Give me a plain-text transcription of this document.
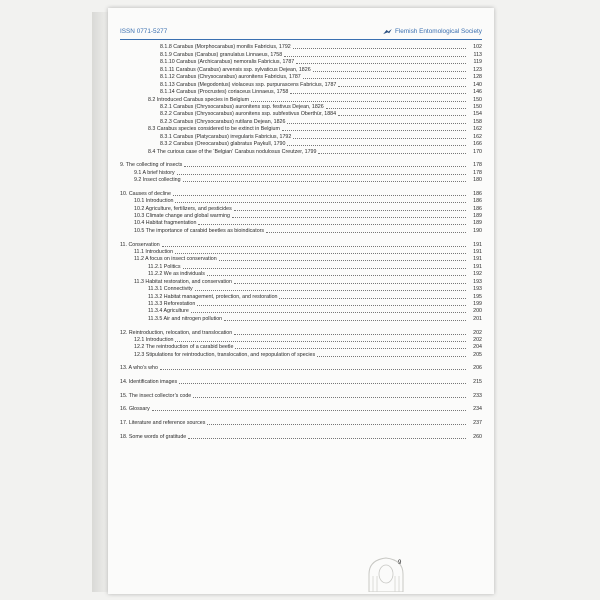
ISSN 0771-5277	Flemish Entomological Society
8.1.8 Carabus (Morphocarabus) monilis Fabricius, 1792	102
8.1.9 Carabus (Carabus) granulatus Linnaeus, 1758	113
8.1.10 Carabus (Archicarabus) nemoralis Fabricius, 1787	119
8.1.11 Carabus (Carabus) arvensis ssp. sylvaticus Dejean, 1826	123
8.1.12 Carabus (Chrysocarabus) auronitens Fabricius, 1787	128
8.1.13 Carabus (Megodontus) violaceus ssp. purpurascens Fabricius, 1787	140
8.1.14 Carabus (Procrustes) coriaceus Linnaeus, 1758	146
8.2 Introduced Carabus species in Belgium	150
8.2.1 Carabus (Chrysocarabus) auronitens ssp. festivus Dejean, 1826	150
8.2.2 Carabus (Chrysocarabus) auronitens ssp. subfestivus Oberthür, 1884	154
8.2.3 Carabus (Chrysocarabus) rutilans Dejean, 1826	158
8.3 Carabus species considered to be extinct in Belgium	162
8.3.1 Carabus (Platycarabus) irregularis Fabricius, 1792	162
8.3.2 Carabus (Oreocarabus) glabratus Paykull, 1790	166
8.4 The curious case of the ‘Belgian’ Carabus nodulosus Creutzer, 1799	170
9. The collecting of insects	178
9.1 A brief history	178
9.2 Insect collecting	180
10. Causes of decline	186
10.1 Introduction	186
10.2 Agriculture, fertilizers, and pesticides	186
10.3 Climate change and global warming	189
10.4 Habitat fragmentation	189
10.5 The importance of carabid beetles as bioindicators	190
11. Conservation	191
11.1 Introduction	191
11.2 A focus on insect conservation	191
11.2.1 Politics	191
11.2.2 We as individuals	192
11.3 Habitat restoration, and conservation	193
11.3.1 Connectivity	193
11.3.2 Habitat management, protection, and restoration	195
11.3.3 Reforestation	199
11.3.4 Agriculture	200
11.3.5 Air and nitrogen pollution	201
12. Reintroduction, relocation, and translocation	202
12.1 Introduction	202
12.2 The reintroduction of a carabid beetle	204
12.3 Stipulations for reintroduction, translocation, and repopulation of species	205
13. A who’s who	206
14. Identification images	215
15. The insect collector’s code	233
16. Glossary	234
17. Literature and reference sources	237
18. Some words of gratitude	260
9
